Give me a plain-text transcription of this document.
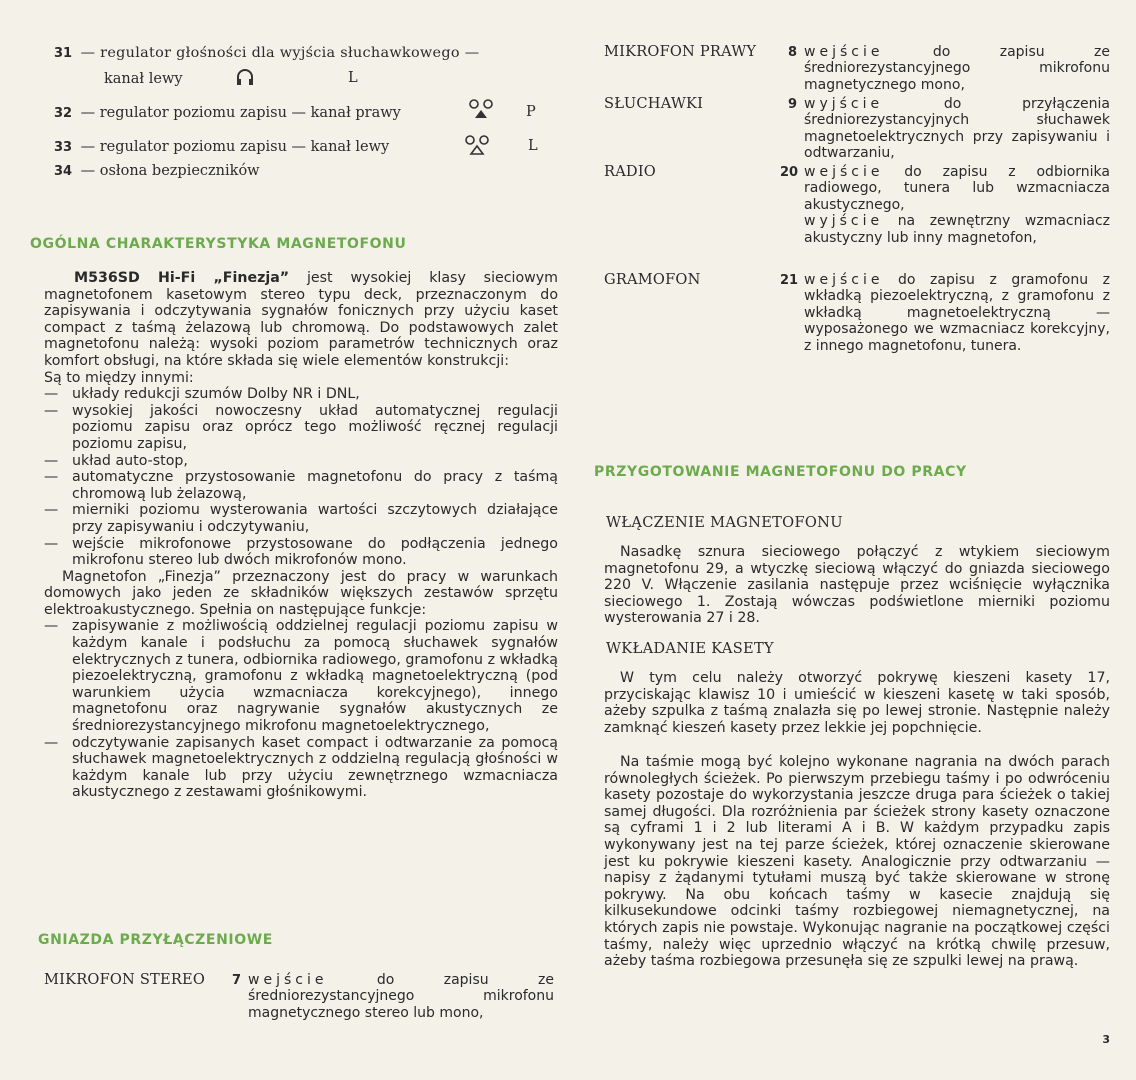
31 — regulator głośności dla wyjścia słuchawkowego —
kanał lewy	L
32 — regulator poziomu zapisu — kanał prawy	P
33 — regulator poziomu zapisu — kanał lewy	L
34 — osłona bezpieczników
OGÓLNA CHARAKTERYSTYKA MAGNETOFONU
M536SD Hi-Fi „Finezja” jest wysokiej klasy sieciowym magnetofonem kasetowym stereo typu deck, przeznaczonym do zapisywania i odczytywania sygnałów fonicznych przy użyciu kaset compact z taśmą żelazową lub chromową. Do podstawowych zalet magnetofonu należą: wysoki poziom parametrów technicznych oraz komfort obsługi, na które składa się wiele elementów konstrukcji:
Są to między innymi:
— układy redukcji szumów Dolby NR i DNL,
— wysokiej jakości nowoczesny układ automatycznej regulacji poziomu zapisu oraz oprócz tego możliwość ręcznej regulacji poziomu zapisu,
— układ auto-stop,
— automatyczne przystosowanie magnetofonu do pracy z taśmą chromową lub żelazową,
— mierniki poziomu wysterowania wartości szczytowych działające przy zapisywaniu i odczytywaniu,
— wejście mikrofonowe przystosowane do podłączenia jednego mikrofonu stereo lub dwóch mikrofonów mono.
Magnetofon „Finezja” przeznaczony jest do pracy w warunkach domowych jako jeden ze składników większych zestawów sprzętu elektroakustycznego. Spełnia on następujące funkcje:
— zapisywanie z możliwością oddzielnej regulacji poziomu zapisu w każdym kanale i podsłuchu za pomocą słuchawek sygnałów elektrycznych z tunera, odbiornika radiowego, gramofonu z wkładką piezoelektryczną, gramofonu z wkładką magnetoelektryczną (pod warunkiem użycia wzmacniacza korekcyjnego), innego magnetofonu oraz nagrywanie sygnałów akustycznych ze średniorezystancyjnego mikrofonu magnetoelektrycznego,
— odczytywanie zapisanych kaset compact i odtwarzanie za pomocą słuchawek magnetoelektrycznych z oddzielną regulacją głośności w każdym kanale lub przy użyciu zewnętrznego wzmacniacza akustycznego z zestawami głośnikowymi.
GNIAZDA PRZYŁĄCZENIOWE
MIKROFON STEREO 7 wejście	do zapisu ze średniorezystancyjnego mikrofonu magnetycznego stereo lub mono,
MIKROFON PRAWY 8 wejście	do zapisu ze średniorezystancyjnego mikrofonu magnetycznego mono,
SŁUCHAWKI	9 wyjście	do przyłączenia średniorezystancyjnych słuchawek magnetoelektrycznych przy zapisywaniu i odtwarzaniu,
RADIO	20 wejście do zapisu z odbiornika radiowego, tunera lub wzmacniacza akustycznego,
wyjście na zewnętrzny wzmacniacz akustyczny lub inny magnetofon,
GRAMOFON	21 wejście do zapisu z gramofonu z wkładką piezoelektryczną, z gramofonu z wkładką magnetoelektryczną — wyposażonego we wzmacniacz korekcyjny, z innego magnetofonu, tunera.
PRZYGOTOWANIE MAGNETOFONU DO PRACY
WŁĄCZENIE MAGNETOFONU
Nasadkę sznura sieciowego połączyć z wtykiem sieciowym magnetofonu 29, a wtyczkę sieciową włączyć do gniazda sieciowego 220 V. Włączenie zasilania następuje przez wciśnięcie wyłącznika sieciowego 1. Zostają wówczas podświetlone mierniki poziomu wysterowania 27 i 28.
WKŁADANIE KASETY
W tym celu należy otworzyć pokrywę kieszeni kasety 17, przyciskając klawisz 10 i umieścić w kieszeni kasetę w taki sposób, ażeby szpulka z taśmą znalazła się po lewej stronie. Następnie należy zamknąć kieszeń kasety przez lekkie jej popchnięcie.
Na taśmie mogą być kolejno wykonane nagrania na dwóch parach równoległych ścieżek. Po pierwszym przebiegu taśmy i po odwróceniu kasety pozostaje do wykorzystania jeszcze druga para ścieżek o takiej samej długości. Dla rozróżnienia par ścieżek strony kasety oznaczone są cyframi 1 i 2 lub literami A i B. W każdym przypadku zapis wykonywany jest na tej parze ścieżek, której oznaczenie skierowane jest ku pokrywie kieszeni kasety. Analogicznie przy odtwarzaniu — napisy z żądanymi tytułami muszą być także skierowane w stronę pokrywy. Na obu końcach taśmy w kasecie znajdują się kilkusekundowe odcinki taśmy rozbiegowej niemagnetycznej, na których zapis nie powstaje. Wykonując nagranie na początkowej części taśmy, należy więc uprzednio włączyć na krótką chwilę przesuw, ażeby taśma rozbiegowa przesunęła się ze szpulki lewej na prawą.
3
